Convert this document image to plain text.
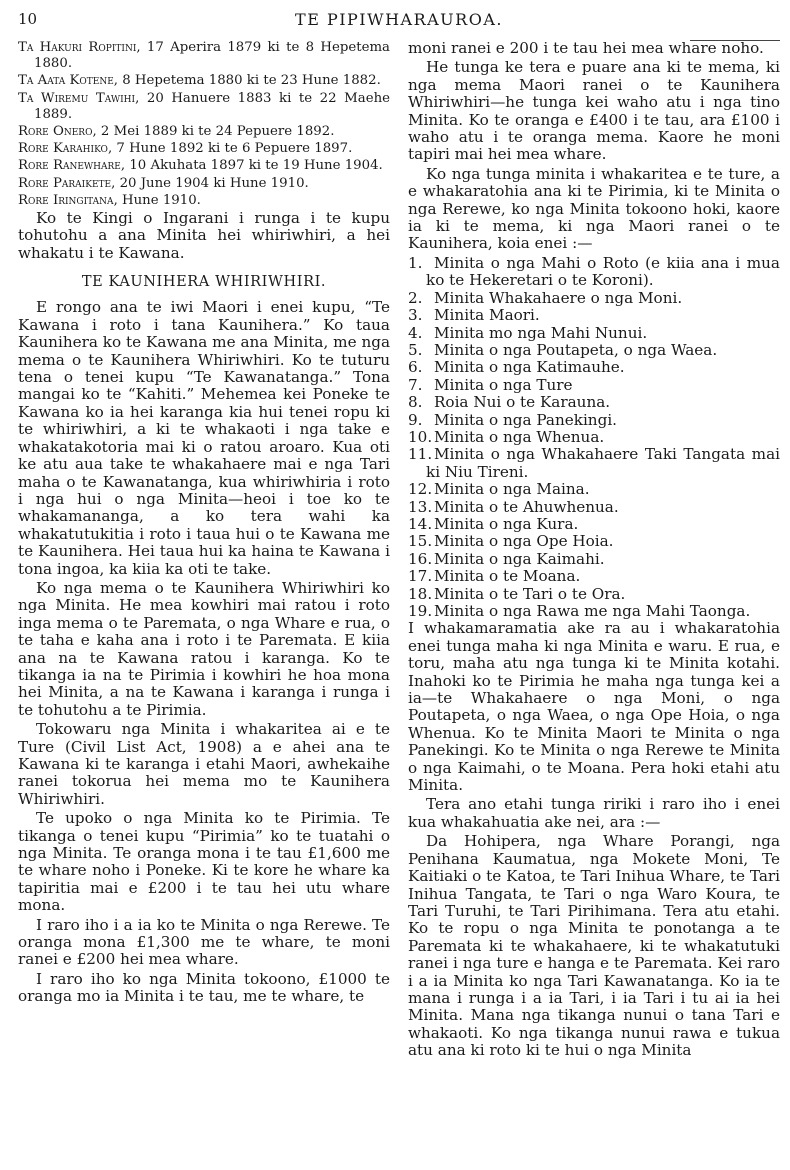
10	TE PIPIWHARAUROA.

Ta Hakuri Ropitini, 17 Aperira 1879 ki te 8 Hepetema 1880.

Ta Aata Kotene, 8 Hepetema 1880 ki te 23 Hune 1882.

Ta Wiremu Tawihi, 20 Hanuere 1883 ki te 22 Maehe 1889.

Rore Onero, 2 Mei 1889 ki te 24 Pepuere 1892.

Rore Karahiko, 7 Hune 1892 ki te 6 Pepuere 1897.

Rore Ranewhare, 10 Akuhata 1897 ki te 19 Hune 1904.

Rore Paraikete, 20 June 1904 ki Hune 1910.

Rore Iringitana, Hune 1910.

Ko te Kingi o Ingarani i runga i te kupu tohutohu a ana Minita hei whiriwhiri, a hei whakatu i te Kawana.

TE KAUNIHERA WHIRIWHIRI.

E rongo ana te iwi Maori i enei kupu, “Te Kawana i roto i tana Kaunihera.” Ko taua Kaunihera ko te Kawana me ana Minita, me nga mema o te Kaunihera Whiriwhiri. Ko te tuturu tena o tenei kupu “Te Kawanatanga.” Tona mangai ko te “Kahiti.” Mehemea kei Poneke te Kawana ko ia hei karanga kia hui tenei ropu ki te whiriwhiri, a ki te whakaoti i nga take e whakatakotoria mai ki o ratou aroaro. Kua oti ke atu aua take te whakahaere mai e nga Tari maha o te Kawanatanga, kua whiriwhiria i roto i nga hui o nga Minita—heoi i toe ko te whakamananga, a ko tera wahi ka whakatutukitia i roto i taua hui o te Kawana me te Kaunihera. Hei taua hui ka haina te Kawana i tona ingoa, ka kiia ka oti te take.

Ko nga mema o te Kaunihera Whiriwhiri ko nga Minita. He mea kowhiri mai ratou i roto inga mema o te Paremata, o nga Whare e rua, o te taha e kaha ana i roto i te Paremata. E kiia ana na te Kawana ratou i karanga. Ko te tikanga ia na te Pirimia i kowhiri he hoa mona hei Minita, a na te Kawana i karanga i runga i te tohutohu a te Pirimia.

Tokowaru nga Minita i whakaritea ai e te Ture (Civil List Act, 1908) a e ahei ana te Kawana ki te karanga i etahi Maori, awhekaihe ranei tokorua hei mema mo te Kaunihera Whiriwhiri.

Te upoko o nga Minita ko te Pirimia. Te tikanga o tenei kupu “Pirimia” ko te tuatahi o nga Minita. Te oranga mona i te tau £1,600 me te whare noho i Poneke. Ki te kore he whare ka tapiritia mai e £200 i te tau hei utu whare mona.

I raro iho i a ia ko te Minita o nga Rerewe. Te oranga mona £1,300 me te whare, te moni ranei e £200 hei mea whare.

I raro iho ko nga Minita tokoono, £1000 te oranga mo ia Minita i te tau, me te whare, te

moni ranei e 200 i te tau hei mea whare noho.

He tunga ke tera e puare ana ki te mema, ki nga mema Maori ranei o te Kaunihera Whiriwhiri—he tunga kei waho atu i nga tino Minita. Ko te oranga e £400 i te tau, ara £100 i waho atu i te oranga mema. Kaore he moni tapiri mai hei mea whare.

Ko nga tunga minita i whakaritea e te ture, a e whakaratohia ana ki te Pirimia, ki te Minita o nga Rerewe, ko nga Minita tokoono hoki, kaore ia ki te mema, ki nga Maori ranei o te Kaunihera, koia enei :—

1. Minita o nga Mahi o Roto (e kiia ana i mua ko te Hekeretari o te Koroni).
2. Minita Whakahaere o nga Moni.
3. Minita Maori.
4. Minita mo nga Mahi Nunui.
5. Minita o nga Poutapeta, o nga Waea.
6. Minita o nga Katimauhe.
7. Minita o nga Ture
8. Roia Nui o te Karauna.
9. Minita o nga Panekingi.
10. Minita o nga Whenua.
11. Minita o nga Whakahaere Taki Tangata mai ki Niu Tireni.
12. Minita o nga Maina.
13. Minita o te Ahuwhenua.
14. Minita o nga Kura.
15. Minita o nga Ope Hoia.
16. Minita o nga Kaimahi.
17. Minita o te Moana.
18. Minita o te Tari o te Ora.
19. Minita o nga Rawa me nga Mahi Taonga.

I whakamaramatia ake ra au i whakaratohia enei tunga maha ki nga Minita e waru. E rua, e toru, maha atu nga tunga ki te Minita kotahi. Inahoki ko te Pirimia he maha nga tunga kei a ia—te Whakahaere o nga Moni, o nga Poutapeta, o nga Waea, o nga Ope Hoia, o nga Whenua. Ko te Minita Maori te Minita o nga Panekingi. Ko te Minita o nga Rerewe te Minita o nga Kaimahi, o te Moana. Pera hoki etahi atu Minita.

Tera ano etahi tunga ririki i raro iho i enei kua whakahuatia ake nei, ara :—

Da Hohipera, nga Whare Porangi, nga Penihana Kaumatua, nga Mokete Moni, Te Kaitiaki o te Katoa, te Tari Inihua Whare, te Tari Inihua Tangata, te Tari o nga Waro Koura, te Tari Turuhi, te Tari Pirihimana. Tera atu etahi. Ko te ropu o nga Minita te ponotanga a te Paremata ki te whakahaere, ki te whakatutuki ranei i nga ture e hanga e te Paremata. Kei raro i a ia Minita ko nga Tari Kawanatanga. Ko ia te mana i runga i a ia Tari, i ia Tari i tu ai ia hei Minita. Mana nga tikanga nunui o tana Tari e whakaoti. Ko nga tikanga nunui rawa e tukua atu ana ki roto ki te hui o nga Minita
